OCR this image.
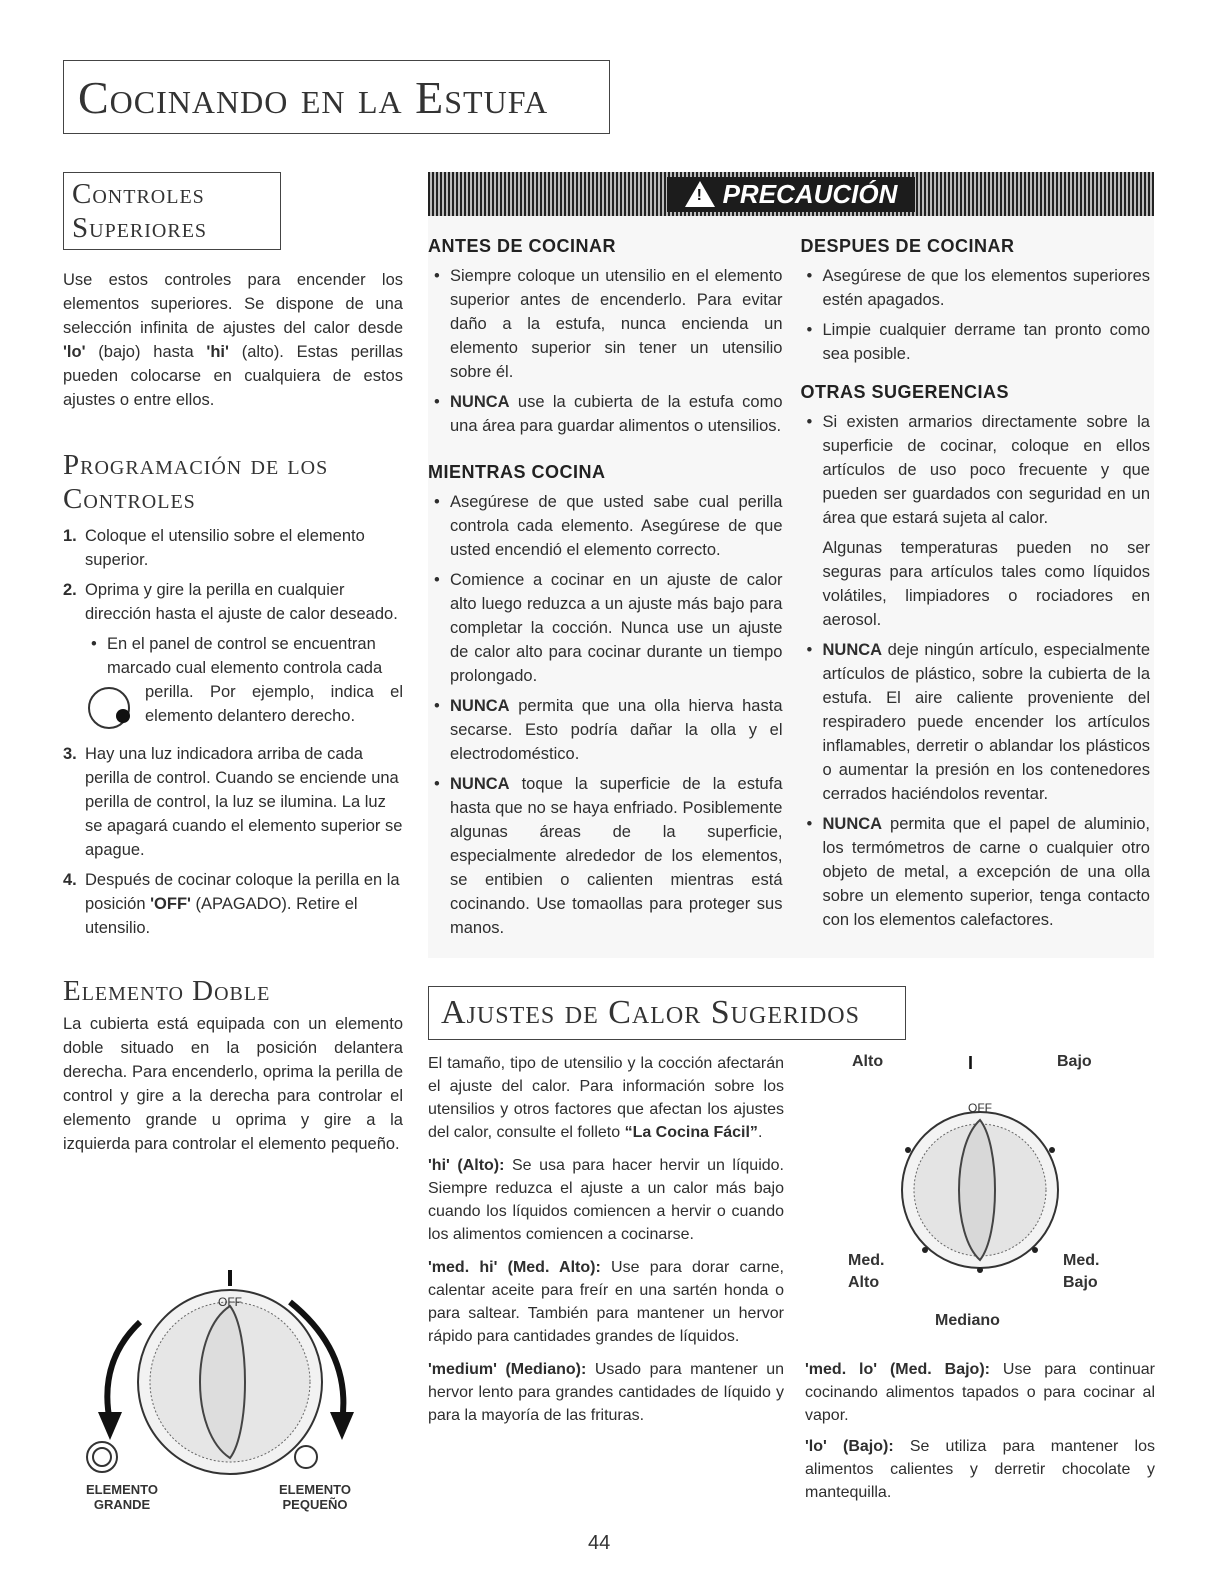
Cocinando en la Estufa
Controles
Superiores

Use estos controles para encender los elementos superiores. Se dispone de una selección infinita de ajustes del calor desde 'lo' (bajo) hasta 'hi' (alto). Estas perillas pueden colocarse en cualquiera de estos ajustes o entre ellos.

Programación de los
Controles
1. Coloque el utensilio sobre el elemento superior.
2. Oprima y gire la perilla en cualquier dirección hasta el ajuste de calor deseado.
• En el panel de control se encuentran marcado cual elemento controla cada
perilla. Por ejemplo, indica el elemento delantero derecho.
3. Hay una luz indicadora arriba de cada perilla de control. Cuando se enciende una perilla de control, la luz se ilumina. La luz se apagará cuando el elemento superior se apague.
4. Después de cocinar coloque la perilla en la posición 'OFF' (APAGADO). Retire el utensilio.
Elemento Doble

La cubierta está equipada con un elemento doble situado en la posición delantera derecha. Para encenderlo, oprima la perilla de control y gire a la derecha para controlar el elemento grande u oprima y gire a la izquierda para controlar el elemento pequeño.

OFF
ELEMENTO
GRANDE
ELEMENTO
PEQUEÑO
! PRECAUCIÓN
ANTES DE COCINAR
• Siempre coloque un utensilio en el elemento superior antes de encenderlo. Para evitar daño a la estufa, nunca encienda un elemento superior sin tener un utensilio sobre él.
• NUNCA use la cubierta de la estufa como una área para guardar alimentos o utensilios.
MIENTRAS COCINA
• Asegúrese de que usted sabe cual perilla controla cada elemento. Asegúrese de que usted encendió el elemento correcto.
• Comience a cocinar en un ajuste de calor alto luego reduzca a un ajuste más bajo para completar la cocción. Nunca use un ajuste de calor alto para cocinar durante un tiempo prolongado.
• NUNCA permita que una olla hierva hasta secarse. Esto podría dañar la olla y el electrodoméstico.
• NUNCA toque la superficie de la estufa hasta que no se haya enfriado. Posiblemente algunas áreas de la superficie, especialmente alrededor de los elementos, se entibien o calienten mientras está cocinando. Use tomaollas para proteger sus manos.
DESPUES DE COCINAR
• Asegúrese de que los elementos superiores estén apagados.
• Limpie cualquier derrame tan pronto como sea posible.
OTRAS SUGERENCIAS
• Si existen armarios directamente sobre la superficie de cocinar, coloque en ellos artículos de uso poco frecuente y que pueden ser guardados con seguridad en un área que estará sujeta al calor.
Algunas temperaturas pueden no ser seguras para artículos tales como líquidos volátiles, limpiadores o rociadores en aerosol.
• NUNCA deje ningún artículo, especialmente artículos de plástico, sobre la cubierta de la estufa. El aire caliente proveniente del respiradero puede encender los artículos inflamables, derretir o ablandar los plásticos o aumentar la presión en los contenedores cerrados haciéndolos reventar.
• NUNCA permita que el papel de aluminio, los termómetros de carne o cualquier otro objeto de metal, a excepción de una olla sobre un elemento superior, tenga contacto con los elementos calefactores.
Ajustes de Calor Sugeridos

El tamaño, tipo de utensilio y la cocción afectarán el ajuste del calor. Para información sobre los utensilios y otros factores que afectan los ajustes del calor, consulte el folleto “La Cocina Fácil”.

'hi' (Alto): Se usa para hacer hervir un líquido. Siempre reduzca el ajuste a un calor más bajo cuando los líquidos comiencen a hervir o cuando los alimentos comiencen a cocinarse.

'med. hi' (Med. Alto): Use para dorar carne, calentar aceite para freír en una sartén honda o para saltear. También para mantener un hervor rápido para cantidades grandes de líquidos.

'medium' (Mediano): Usado para mantener un hervor lento para grandes cantidades de líquido y para la mayoría de las frituras.

OFF
Alto	I	Bajo
Med.
Alto
Med.
Bajo
Mediano

'med. lo' (Med. Bajo): Use para continuar cocinando alimentos tapados o para cocinar al vapor.

'lo' (Bajo): Se utiliza para mantener los alimentos calientes y derretir chocolate y mantequilla.

44
